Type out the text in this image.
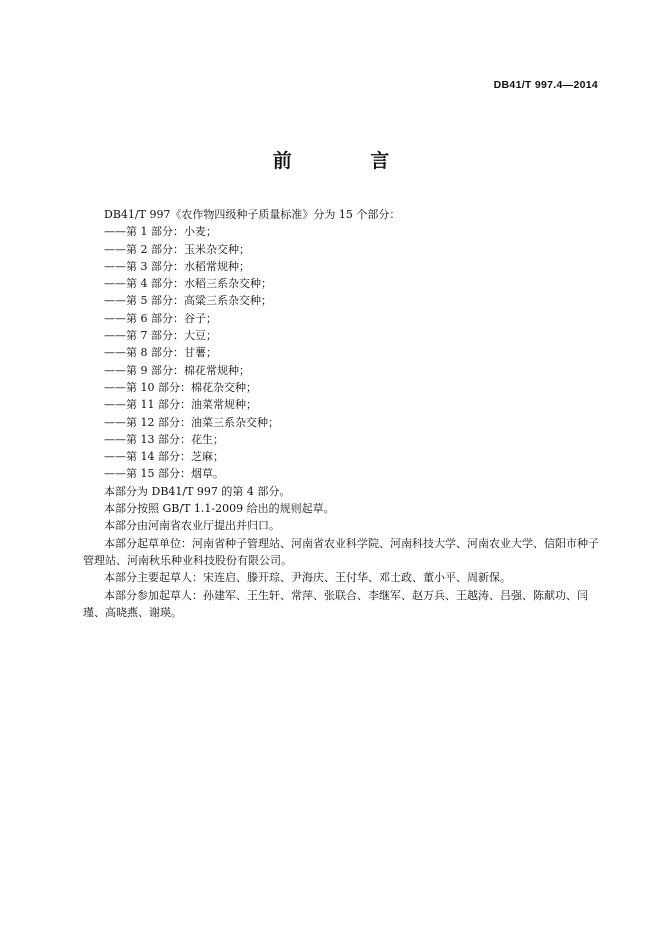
DB41/T 997.4—2014
前 言

DB41/T 997《农作物四级种子质量标准》分为 15 个部分：

——第 1 部分：小麦；

——第 2 部分：玉米杂交种；

——第 3 部分：水稻常规种；

——第 4 部分：水稻三系杂交种；

——第 5 部分：高粱三系杂交种；

——第 6 部分：谷子；

——第 7 部分：大豆；

——第 8 部分：甘薯；

——第 9 部分：棉花常规种；

——第 10 部分：棉花杂交种；

——第 11 部分：油菜常规种；

——第 12 部分：油菜三系杂交种；

——第 13 部分：花生；

——第 14 部分：芝麻；

——第 15 部分：烟草。

本部分为 DB41/T 997 的第 4 部分。

本部分按照 GB/T 1.1-2009 给出的规则起草。

本部分由河南省农业厅提出并归口。

本部分起草单位：河南省种子管理站、河南省农业科学院、河南科技大学、河南农业大学、信阳市种子管理站、河南秋乐种业科技股份有限公司。

本部分主要起草人：宋连启、滕开琮、尹海庆、王付华、邓士政、董小平、周新保。

本部分参加起草人：孙建军、王生轩、常萍、张联合、李继军、赵万兵、王越涛、吕强、陈献功、闫瑾、高晓燕、谢瑛。
